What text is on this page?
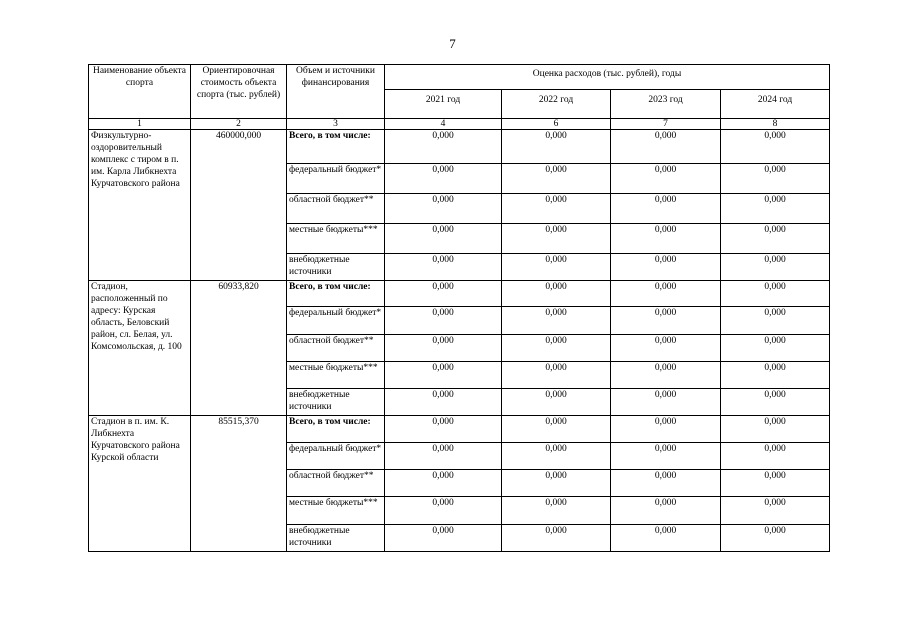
7
Наименование объекта спорта	Ориентировочная стоимость объекта спорта (тыс. рублей)	Объем и источники финансирования	Оценка расходов (тыс. рублей), годы			
			2021 год	2022 год	2023 год	2024 год
1	2	3	4	6	7	8
Физкультурно-оздоровительный комплекс с тиром в п. им. Карла Либкнехта Курчатовского района	460000,000	Всего, в том числе:	0,000	0,000	0,000	0,000
		федеральный бюджет*	0,000	0,000	0,000	0,000
		областной бюджет**	0,000	0,000	0,000	0,000
		местные бюджеты***	0,000	0,000	0,000	0,000
		внебюджетные источники	0,000	0,000	0,000	0,000
Стадион, расположенный по адресу: Курская область, Беловский район, сл. Белая, ул. Комсомольская, д. 100	60933,820	Всего, в том числе:	0,000	0,000	0,000	0,000
		федеральный бюджет*	0,000	0,000	0,000	0,000
		областной бюджет**	0,000	0,000	0,000	0,000
		местные бюджеты***	0,000	0,000	0,000	0,000
		внебюджетные источники	0,000	0,000	0,000	0,000
Стадион в п. им. К. Либкнехта Курчатовского района Курской области	85515,370	Всего, в том числе:	0,000	0,000	0,000	0,000
		федеральный бюджет*	0,000	0,000	0,000	0,000
		областной бюджет**	0,000	0,000	0,000	0,000
		местные бюджеты***	0,000	0,000	0,000	0,000
		внебюджетные источники	0,000	0,000	0,000	0,000
